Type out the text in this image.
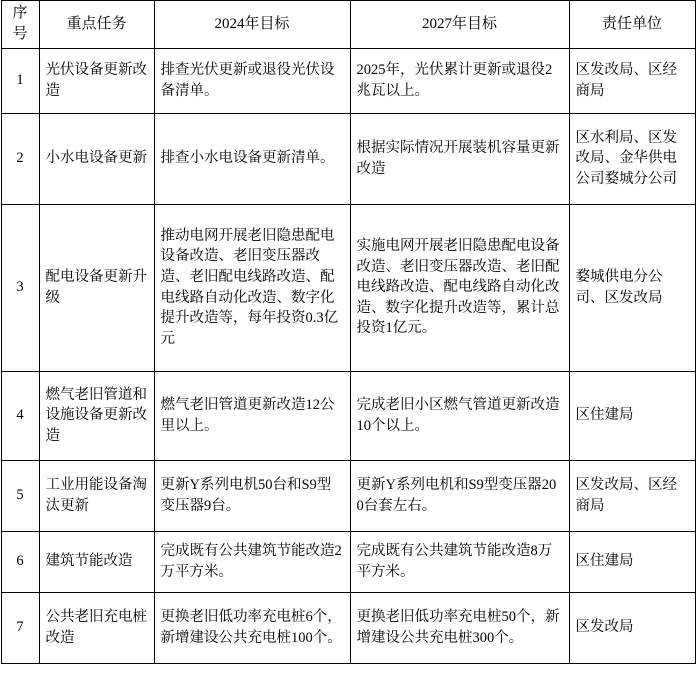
序号	重点任务	2024年目标	2027年目标	责任单位
1	光伏设备更新改造	排查光伏更新或退役光伏设备清单。	2025年，光伏累计更新或退役2兆瓦以上。	区发改局、区经商局
2	小水电设备更新	排查小水电设备更新清单。	根据实际情况开展装机容量更新改造	区水利局、区发改局、金华供电公司婺城分公司
3	配电设备更新升级	推动电网开展老旧隐患配电设备改造、老旧变压器改造、老旧配电线路改造、配电线路自动化改造、数字化提升改造等，每年投资0.3亿元	实施电网开展老旧隐患配电设备改造、老旧变压器改造、老旧配电线路改造、配电线路自动化改造、数字化提升改造等，累计总投资1亿元。	婺城供电分公司、区发改局
4	燃气老旧管道和设施设备更新改造	燃气老旧管道更新改造12公里以上。	完成老旧小区燃气管道更新改造10个以上。	区住建局
5	工业用能设备淘汰更新	更新Y系列电机50台和S9型变压器9台。	更新Y系列电机和S9型变压器200台套左右。	区发改局、区经商局
6	建筑节能改造	完成既有公共建筑节能改造2万平方米。	完成既有公共建筑节能改造8万平方米。	区住建局
7	公共老旧充电桩改造	更换老旧低功率充电桩6个，新增建设公共充电桩100个。	更换老旧低功率充电桩50个，新增建设公共充电桩300个。	区发改局
